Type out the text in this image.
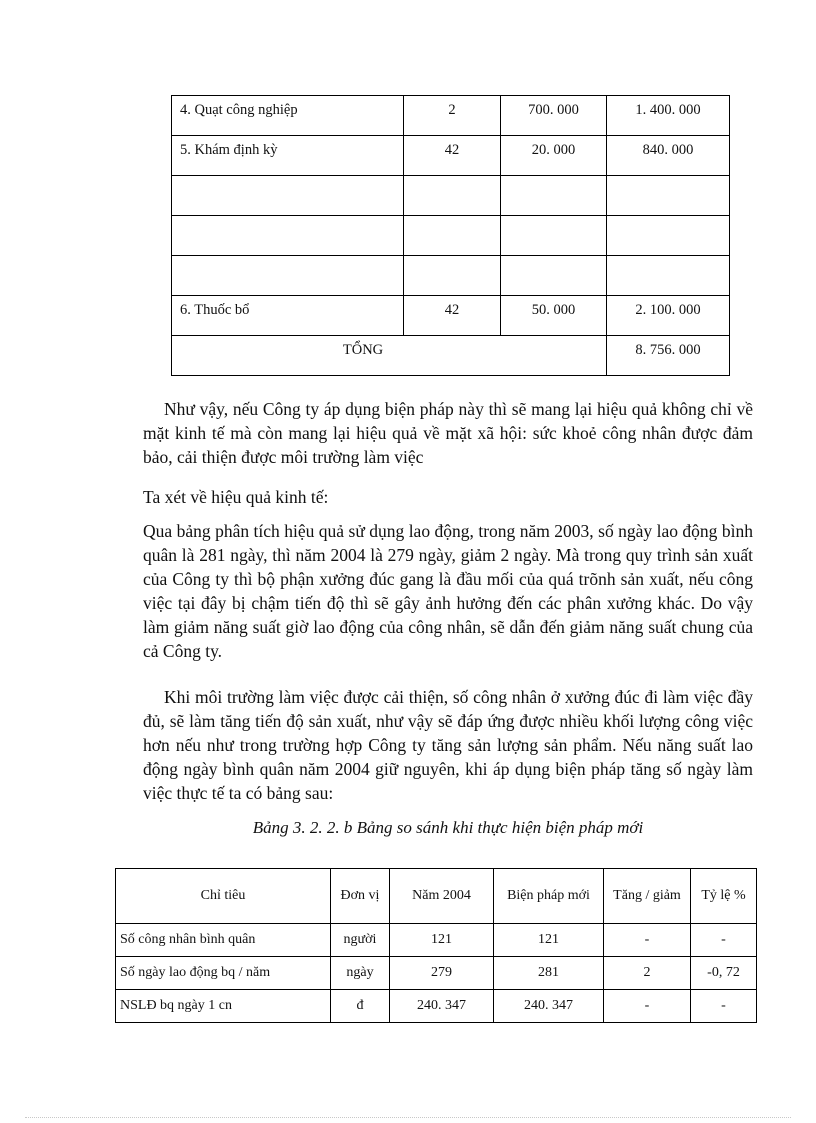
4. Quạt công nghiệp	2	700. 000	1. 400. 000
5. Khám định kỳ	42	20. 000	840. 000

6. Thuốc bổ	42	50. 000	2. 100. 000
TỔNG			8. 756. 000
Như vậy, nếu Công ty áp dụng biện pháp này thì sẽ mang lại hiệu quả không chỉ về mặt kinh tế mà còn mang lại hiệu quả về mặt xã hội: sức khoẻ công nhân được đảm bảo, cải thiện được môi trường làm việc
Ta xét về hiệu quả kinh tế:
Qua bảng phân tích hiệu quả sử dụng lao động, trong năm 2003, số ngày lao động bình quân là 281 ngày, thì năm 2004 là 279 ngày, giảm 2 ngày. Mà trong quy trình sản xuất của Công ty thì bộ phận xưởng đúc gang là đầu mối của quá trõnh sản xuất, nếu công việc tại đây bị chậm tiến độ thì sẽ gây ảnh hưởng đến các phân xưởng khác. Do vậy làm giảm năng suất giờ lao động của công nhân, sẽ dẫn đến giảm năng suất chung của cả Công ty.
Khi môi trường làm việc được cải thiện, số công nhân ở xưởng đúc đi làm việc đầy đủ, sẽ làm tăng tiến độ sản xuất, như vậy sẽ đáp ứng được nhiều khối lượng công việc hơn nếu như trong trường hợp Công ty tăng sản lượng sản phẩm. Nếu năng suất lao động ngày bình quân năm 2004 giữ nguyên, khi áp dụng biện pháp tăng số ngày làm việc thực tế ta có bảng sau:
Bảng 3. 2. 2. b Bảng so sánh khi thực hiện biện pháp mới
Chỉ tiêu	Đơn vị	Năm 2004	Biện pháp mới	Tăng / giảm	Tỷ lệ %
Số công nhân bình quân	người	121	121	-	-
Số ngày lao động bq / năm	ngày	279	281	2	-0, 72
NSLĐ bq ngày 1 cn	đ	240. 347	240. 347	-	-
